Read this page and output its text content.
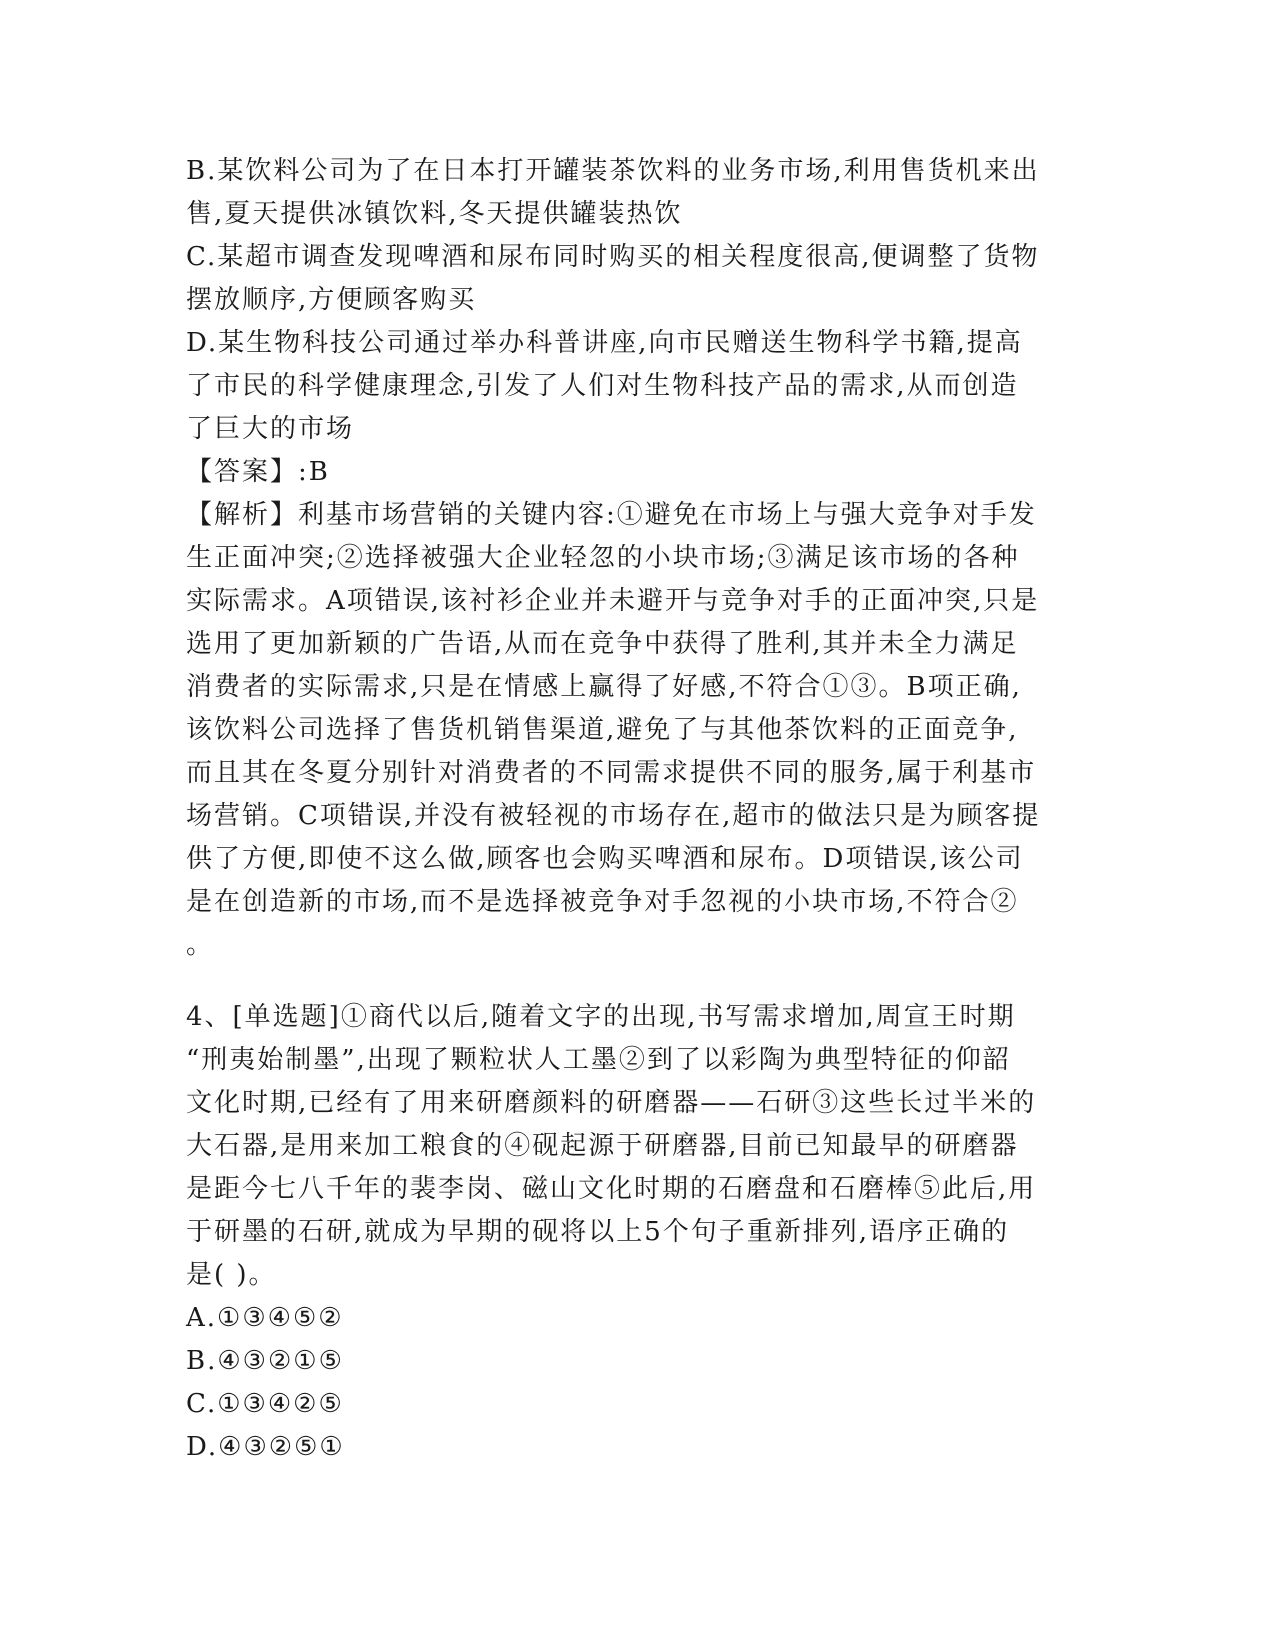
B.某饮料公司为了在日本打开罐装茶饮料的业务市场,利用售货机来出
售,夏天提供冰镇饮料,冬天提供罐装热饮
C.某超市调查发现啤酒和尿布同时购买的相关程度很高,便调整了货物
摆放顺序,方便顾客购买
D.某生物科技公司通过举办科普讲座,向市民赠送生物科学书籍,提高
了市民的科学健康理念,引发了人们对生物科技产品的需求,从而创造
了巨大的市场
【答案】:B
【解析】利基市场营销的关键内容:①避免在市场上与强大竞争对手发
生正面冲突;②选择被强大企业轻忽的小块市场;③满足该市场的各种
实际需求。A项错误,该衬衫企业并未避开与竞争对手的正面冲突,只是
选用了更加新颖的广告语,从而在竞争中获得了胜利,其并未全力满足
消费者的实际需求,只是在情感上赢得了好感,不符合①③。B项正确,
该饮料公司选择了售货机销售渠道,避免了与其他茶饮料的正面竞争,
而且其在冬夏分别针对消费者的不同需求提供不同的服务,属于利基市
场营销。C项错误,并没有被轻视的市场存在,超市的做法只是为顾客提
供了方便,即使不这么做,顾客也会购买啤酒和尿布。D项错误,该公司
是在创造新的市场,而不是选择被竞争对手忽视的小块市场,不符合②
。
4、[单选题]①商代以后,随着文字的出现,书写需求增加,周宣王时期
“刑夷始制墨”,出现了颗粒状人工墨②到了以彩陶为典型特征的仰韶
文化时期,已经有了用来研磨颜料的研磨器——石研③这些长过半米的
大石器,是用来加工粮食的④砚起源于研磨器,目前已知最早的研磨器
是距今七八千年的裴李岗、磁山文化时期的石磨盘和石磨棒⑤此后,用
于研墨的石研,就成为早期的砚将以上5个句子重新排列,语序正确的
是( )。
A.①③④⑤②
B.④③②①⑤
C.①③④②⑤
D.④③②⑤①
